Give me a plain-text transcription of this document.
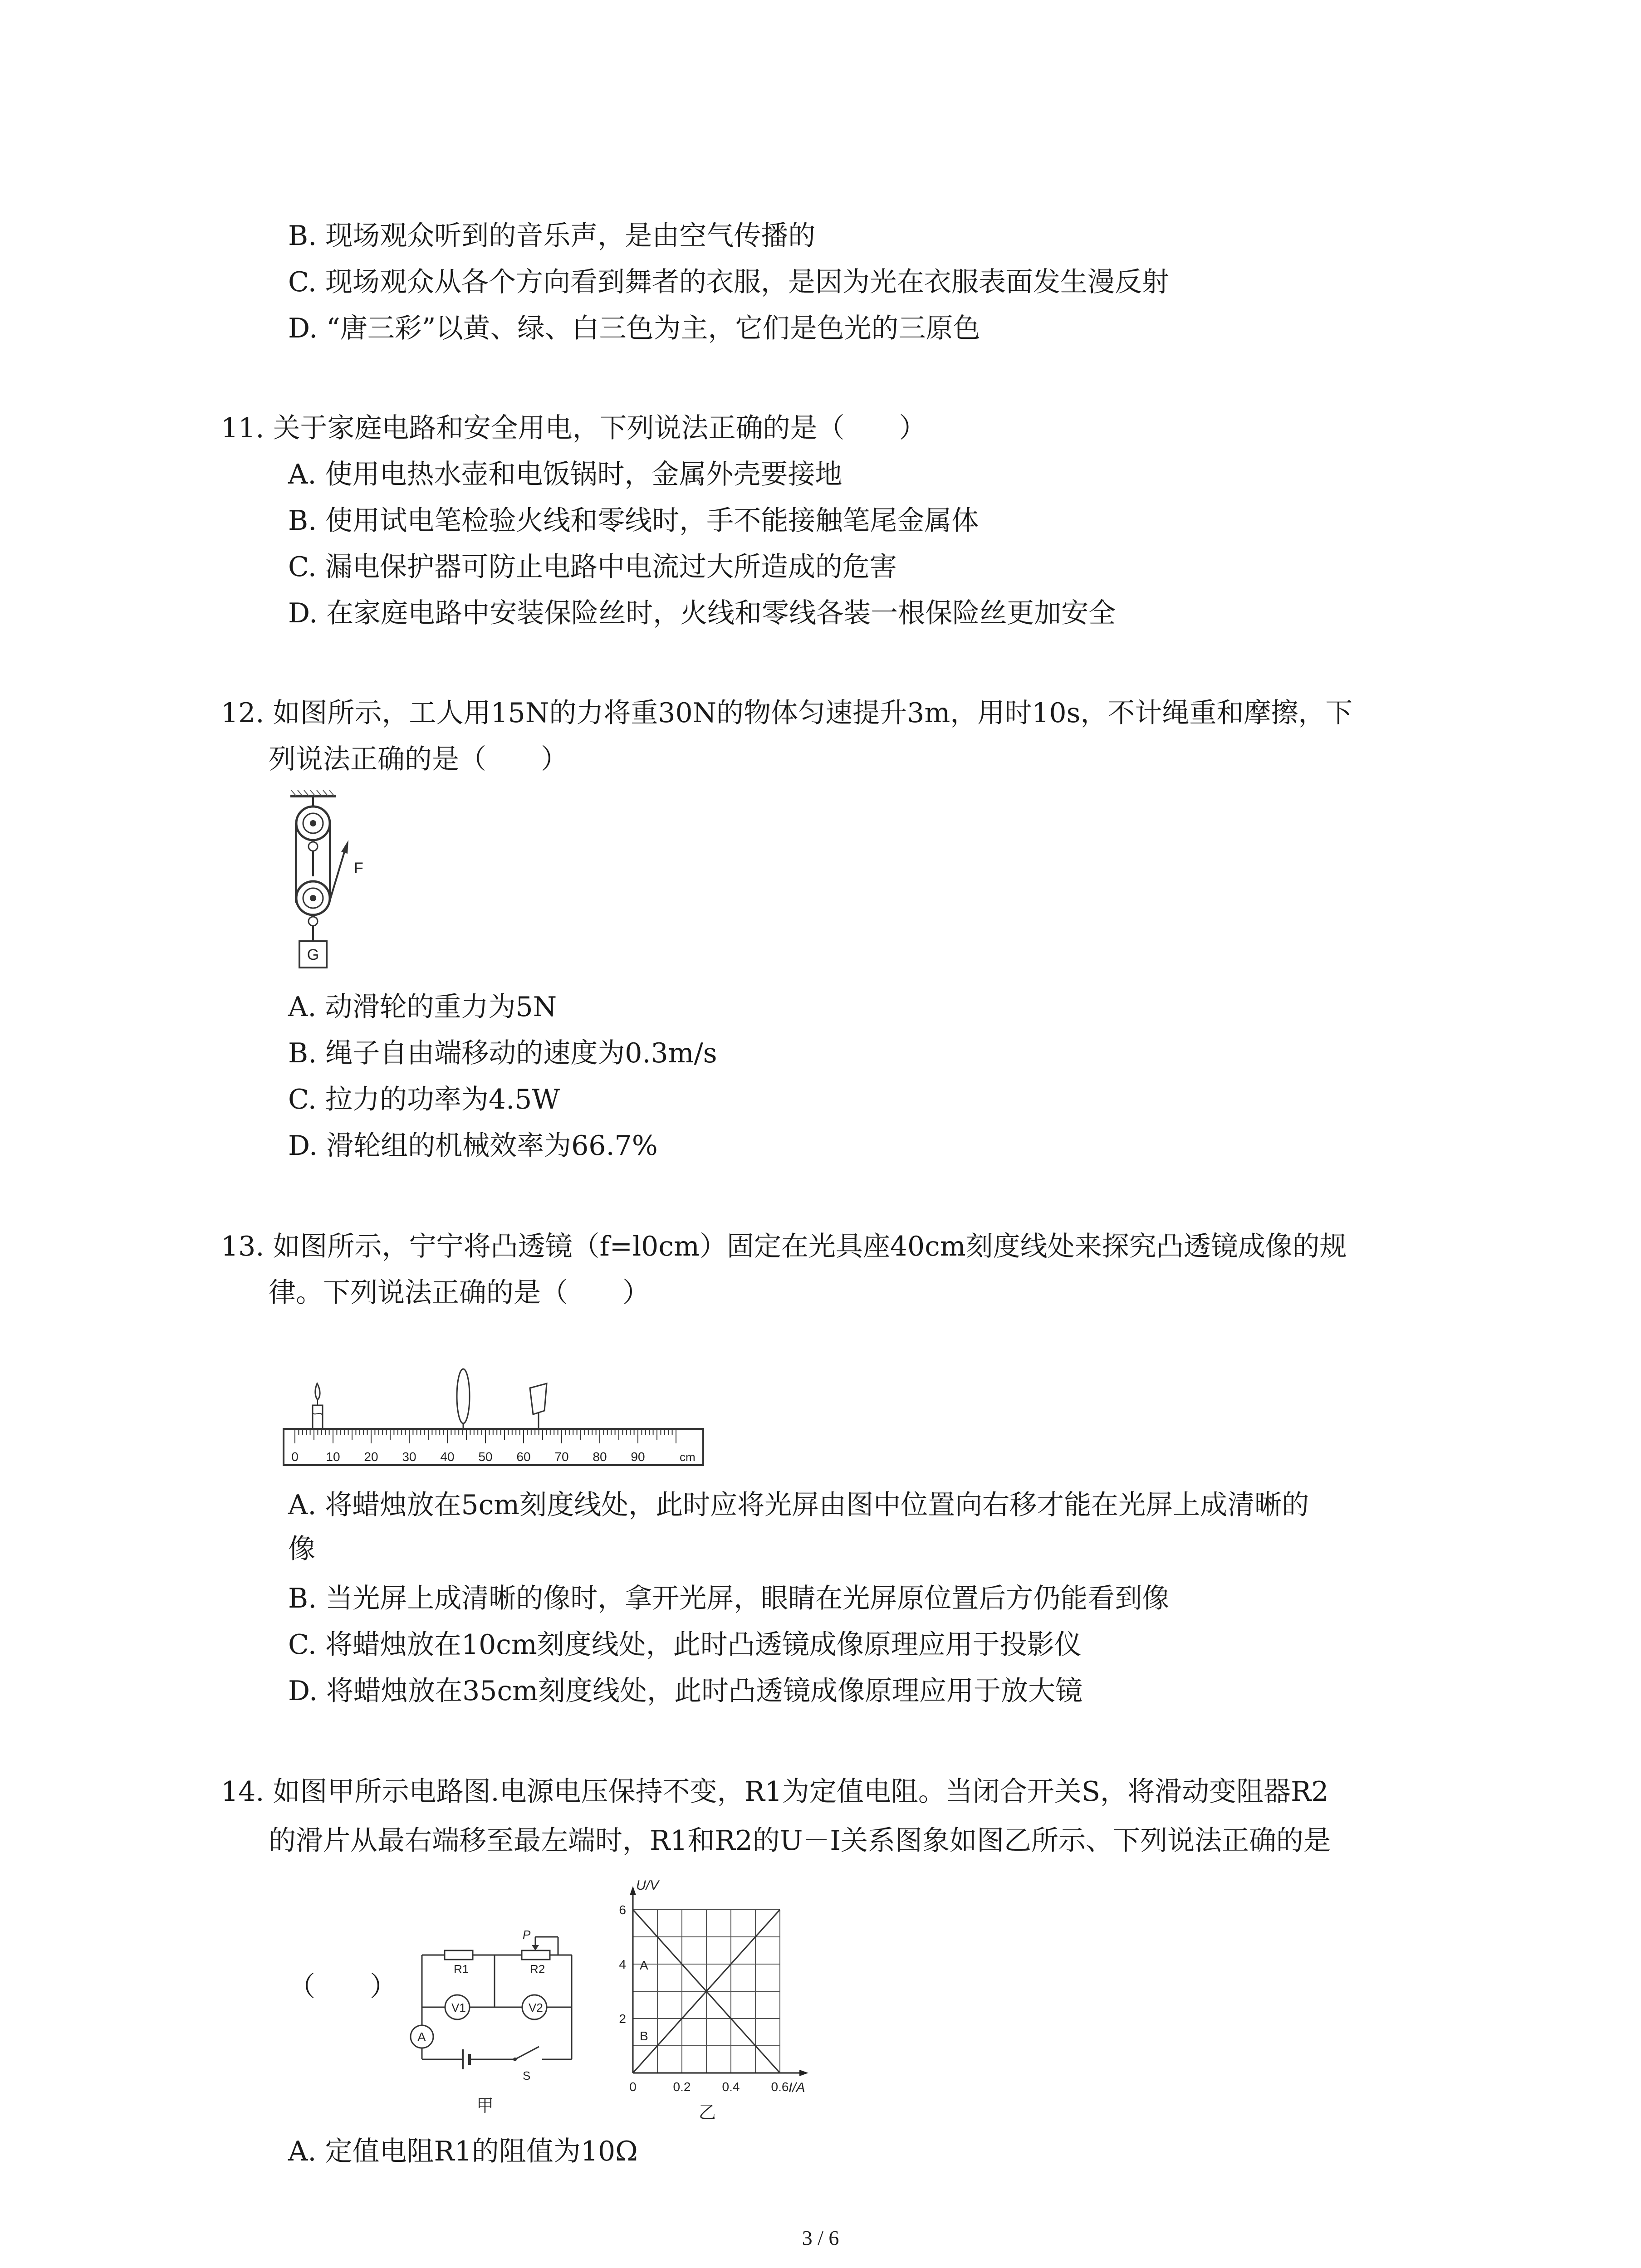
B. 现场观众听到的音乐声，是由空气传播的
C. 现场观众从各个方向看到舞者的衣服，是因为光在衣服表面发生漫反射
D. “唐三彩”以黄、绿、白三色为主，它们是色光的三原色
11. 关于家庭电路和安全用电，下列说法正确的是（　　）
A. 使用电热水壶和电饭锅时，金属外壳要接地
B. 使用试电笔检验火线和零线时，手不能接触笔尾金属体
C. 漏电保护器可防止电路中电流过大所造成的危害
D. 在家庭电路中安装保险丝时，火线和零线各装一根保险丝更加安全
12. 如图所示，工人用15N的力将重30N的物体匀速提升3m，用时10s，不计绳重和摩擦，下
列说法正确的是（　　）
F
G
A. 动滑轮的重力为5N
B. 绳子自由端移动的速度为0.3m/s
C. 拉力的功率为4.5W
D. 滑轮组的机械效率为66.7%
13. 如图所示，宁宁将凸透镜（f=l0cm）固定在光具座40cm刻度线处来探究凸透镜成像的规
律。下列说法正确的是（　　）
0 10 20 30 40 50 60 70 80 90	cm
A. 将蜡烛放在5cm刻度线处，此时应将光屏由图中位置向右移才能在光屏上成清晰的
像
B. 当光屏上成清晰的像时，拿开光屏，眼睛在光屏原位置后方仍能看到像
C. 将蜡烛放在10cm刻度线处，此时凸透镜成像原理应用于投影仪
D. 将蜡烛放在35cm刻度线处，此时凸透镜成像原理应用于放大镜
14. 如图甲所示电路图.电源电压保持不变，R1为定值电阻。当闭合开关S，将滑动变阻器R2
的滑片从最右端移至最左端时，R1和R2的U－I关系图象如图乙所示、下列说法正确的是
（　　）
R1	R2
P
V1	V2
A
S
甲
2
4
6
0	0.2 0.4 0.6
U/V
I/A
A
B
乙
A. 定值电阻R1的阻值为10Ω
3 / 6
